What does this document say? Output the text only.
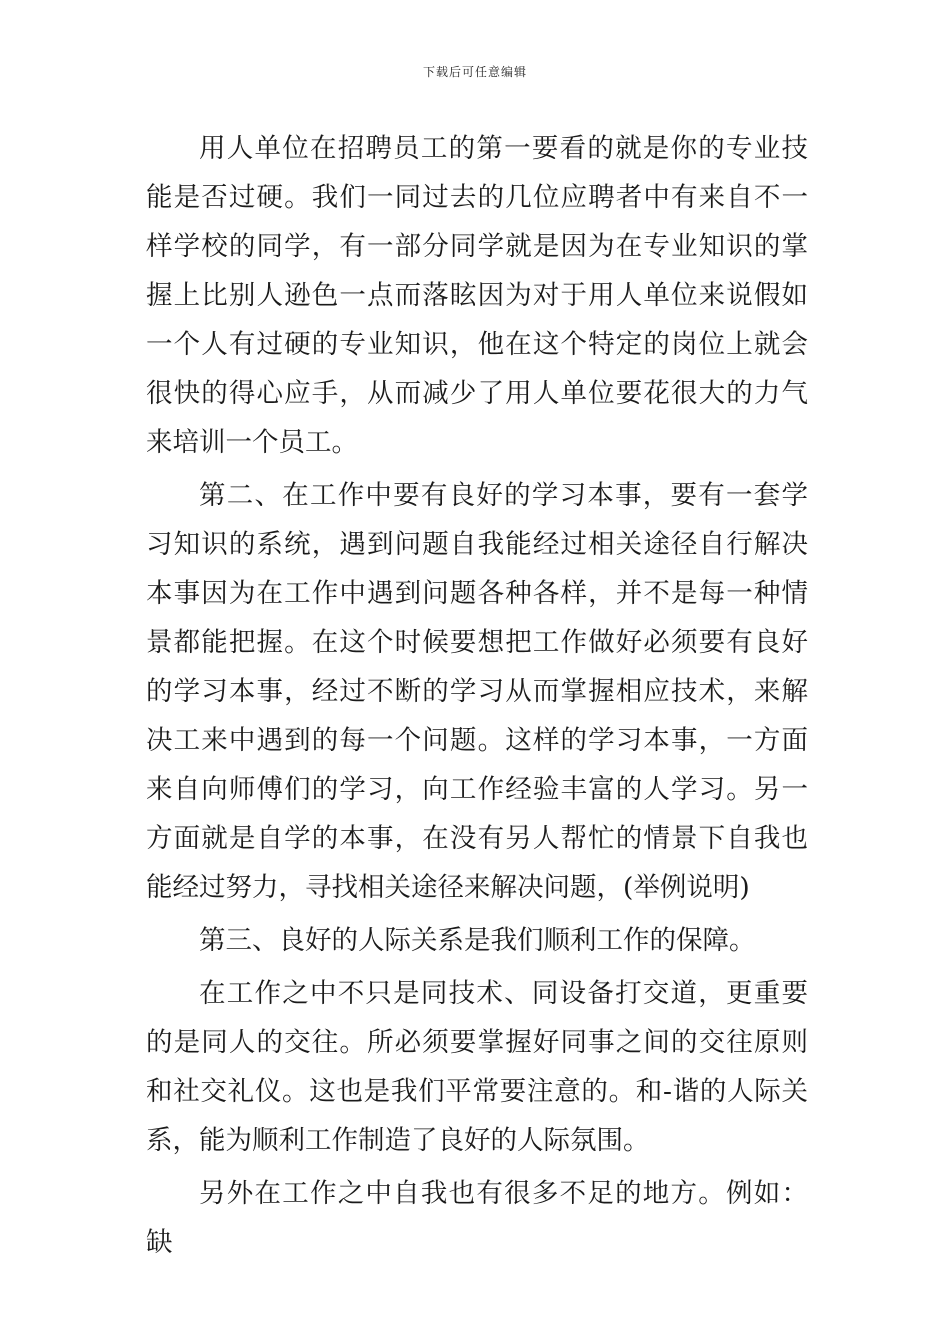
下载后可任意编辑

用人单位在招聘员工的第一要看的就是你的专业技能是否过硬。我们一同过去的几位应聘者中有来自不一样学校的同学，有一部分同学就是因为在专业知识的掌握上比别人逊色一点而落眩因为对于用人单位来说假如一个人有过硬的专业知识，他在这个特定的岗位上就会很快的得心应手，从而减少了用人单位要花很大的力气来培训一个员工。

第二、在工作中要有良好的学习本事，要有一套学习知识的系统，遇到问题自我能经过相关途径自行解决本事因为在工作中遇到问题各种各样，并不是每一种情景都能把握。在这个时候要想把工作做好必须要有良好的学习本事，经过不断的学习从而掌握相应技术，来解决工来中遇到的每一个问题。这样的学习本事，一方面来自向师傅们的学习，向工作经验丰富的人学习。另一方面就是自学的本事，在没有另人帮忙的情景下自我也能经过努力，寻找相关途径来解决问题，(举例说明)

第三、良好的人际关系是我们顺利工作的保障。

在工作之中不只是同技术、同设备打交道，更重要的是同人的交往。所必须要掌握好同事之间的交往原则和社交礼仪。这也是我们平常要注意的。和-谐的人际关系，能为顺利工作制造了良好的人际氛围。

另外在工作之中自我也有很多不足的地方。例如：缺
